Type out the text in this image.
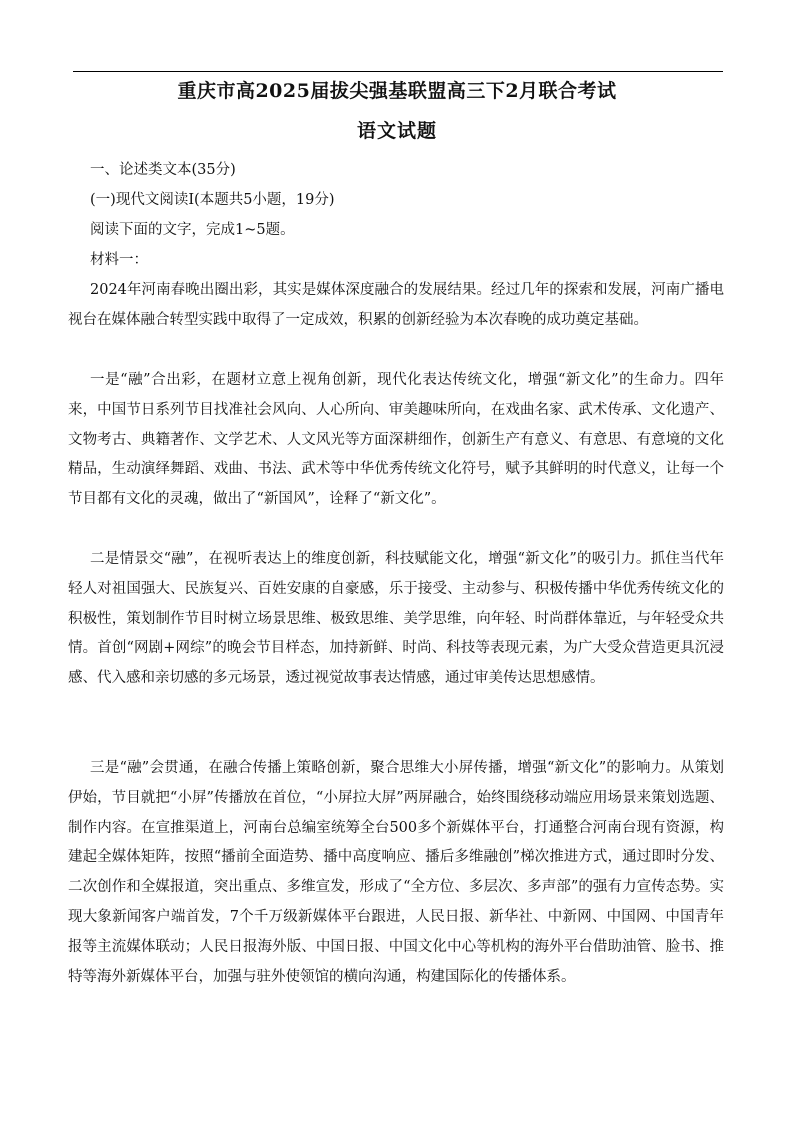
重庆市高2025届拔尖强基联盟高三下2月联合考试
语文试题
一、论述类文本(35分)
(一)现代文阅读Ⅰ(本题共5小题，19分)
阅读下面的文字，完成1~5题。
材料一：
2024年河南春晚出圈出彩，其实是媒体深度融合的发展结果。经过几年的探索和发展，河南广播电视台在媒体融合转型实践中取得了一定成效，积累的创新经验为本次春晚的成功奠定基础。
一是“融”合出彩，在题材立意上视角创新，现代化表达传统文化，增强“新文化”的生命力。四年来，中国节日系列节目找准社会风向、人心所向、审美趣味所向，在戏曲名家、武术传承、文化遗产、文物考古、典籍著作、文学艺术、人文风光等方面深耕细作，创新生产有意义、有意思、有意境的文化精品，生动演绎舞蹈、戏曲、书法、武术等中华优秀传统文化符号，赋予其鲜明的时代意义，让每一个节目都有文化的灵魂，做出了“新国风”，诠释了“新文化”。
二是情景交“融”，在视听表达上的维度创新，科技赋能文化，增强“新文化”的吸引力。抓住当代年轻人对祖国强大、民族复兴、百姓安康的自豪感，乐于接受、主动参与、积极传播中华优秀传统文化的积极性，策划制作节目时树立场景思维、极致思维、美学思维，向年轻、时尚群体靠近，与年轻受众共情。首创“网剧+网综”的晚会节目样态，加持新鲜、时尚、科技等表现元素，为广大受众营造更具沉浸感、代入感和亲切感的多元场景，透过视觉故事表达情感，通过审美传达思想感情。
三是“融”会贯通，在融合传播上策略创新，聚合思维大小屏传播，增强“新文化”的影响力。从策划伊始，节目就把“小屏”传播放在首位，“小屏拉大屏”两屏融合，始终围绕移动端应用场景来策划选题、制作内容。在宣推渠道上，河南台总编室统筹全台500多个新媒体平台，打通整合河南台现有资源，构建起全媒体矩阵，按照“播前全面造势、播中高度响应、播后多维融创”梯次推进方式，通过即时分发、二次创作和全媒报道，突出重点、多维宣发，形成了“全方位、多层次、多声部”的强有力宣传态势。实现大象新闻客户端首发，7个千万级新媒体平台跟进，人民日报、新华社、中新网、中国网、中国青年报等主流媒体联动；人民日报海外版、中国日报、中国文化中心等机构的海外平台借助油管、脸书、推特等海外新媒体平台，加强与驻外使领馆的横向沟通，构建国际化的传播体系。
